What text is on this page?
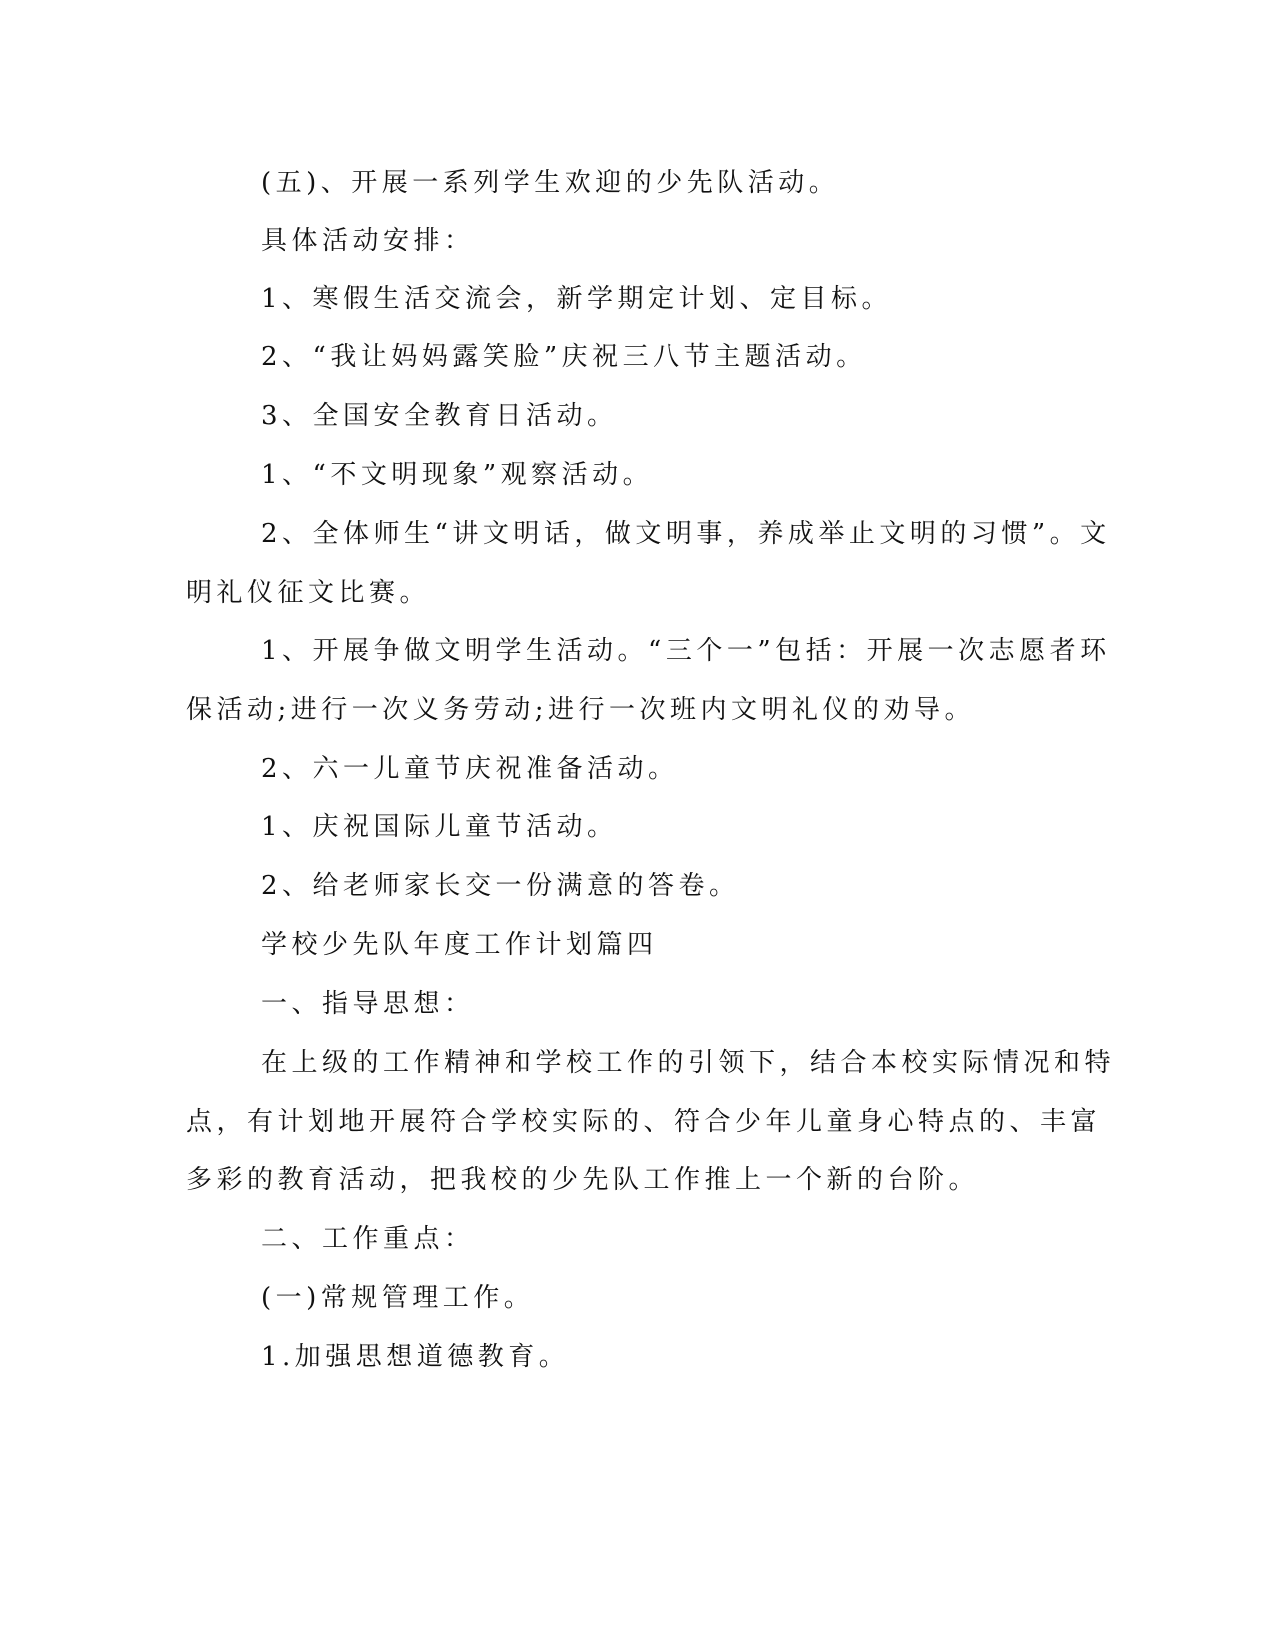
(五)、开展一系列学生欢迎的少先队活动。

具体活动安排：

1、寒假生活交流会，新学期定计划、定目标。

2、“我让妈妈露笑脸”庆祝三八节主题活动。

3、全国安全教育日活动。

1、“不文明现象”观察活动。

2、全体师生“讲文明话，做文明事，养成举止文明的习惯”。文

明礼仪征文比赛。

1、开展争做文明学生活动。“三个一”包括：开展一次志愿者环

保活动;进行一次义务劳动;进行一次班内文明礼仪的劝导。

2、六一儿童节庆祝准备活动。

1、庆祝国际儿童节活动。

2、给老师家长交一份满意的答卷。

学校少先队年度工作计划篇四

一、指导思想：

在上级的工作精神和学校工作的引领下，结合本校实际情况和特

点，有计划地开展符合学校实际的、符合少年儿童身心特点的、丰富

多彩的教育活动，把我校的少先队工作推上一个新的台阶。

二、工作重点：

(一)常规管理工作。

1.加强思想道德教育。
